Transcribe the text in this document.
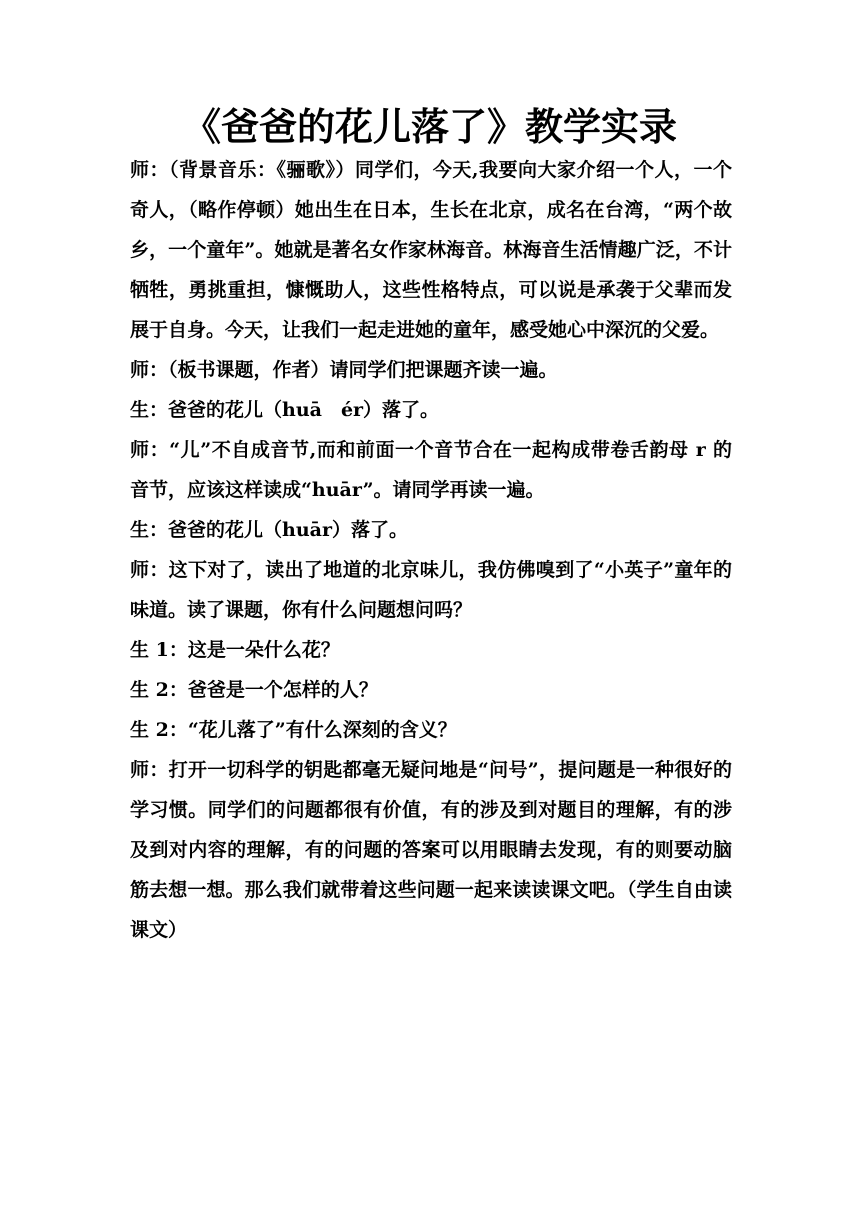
《爸爸的花儿落了》教学实录

师：（背景音乐：《骊歌》）同学们，今天,我要向大家介绍一个人，一个奇人，（略作停顿）她出生在日本，生长在北京，成名在台湾，“两个故乡，一个童年”。她就是著名女作家林海音。林海音生活情趣广泛，不计牺牲，勇挑重担，慷慨助人，这些性格特点，可以说是承袭于父辈而发展于自身。今天，让我们一起走进她的童年，感受她心中深沉的父爱。

师：（板书课题，作者）请同学们把课题齐读一遍。

生：爸爸的花儿（huā　ér）落了。

师：“儿”不自成音节,而和前面一个音节合在一起构成带卷舌韵母 r 的音节，应该这样读成“huār”。请同学再读一遍。

生：爸爸的花儿（huār）落了。

师：这下对了，读出了地道的北京味儿，我仿佛嗅到了“小英子”童年的味道。读了课题，你有什么问题想问吗？

生 1：这是一朵什么花？

生 2：爸爸是一个怎样的人？

生 2：“花儿落了”有什么深刻的含义？

师：打开一切科学的钥匙都毫无疑问地是“问号”，提问题是一种很好的学习惯。同学们的问题都很有价值，有的涉及到对题目的理解，有的涉及到对内容的理解，有的问题的答案可以用眼睛去发现，有的则要动脑筋去想一想。那么我们就带着这些问题一起来读读课文吧。（学生自由读课文）
